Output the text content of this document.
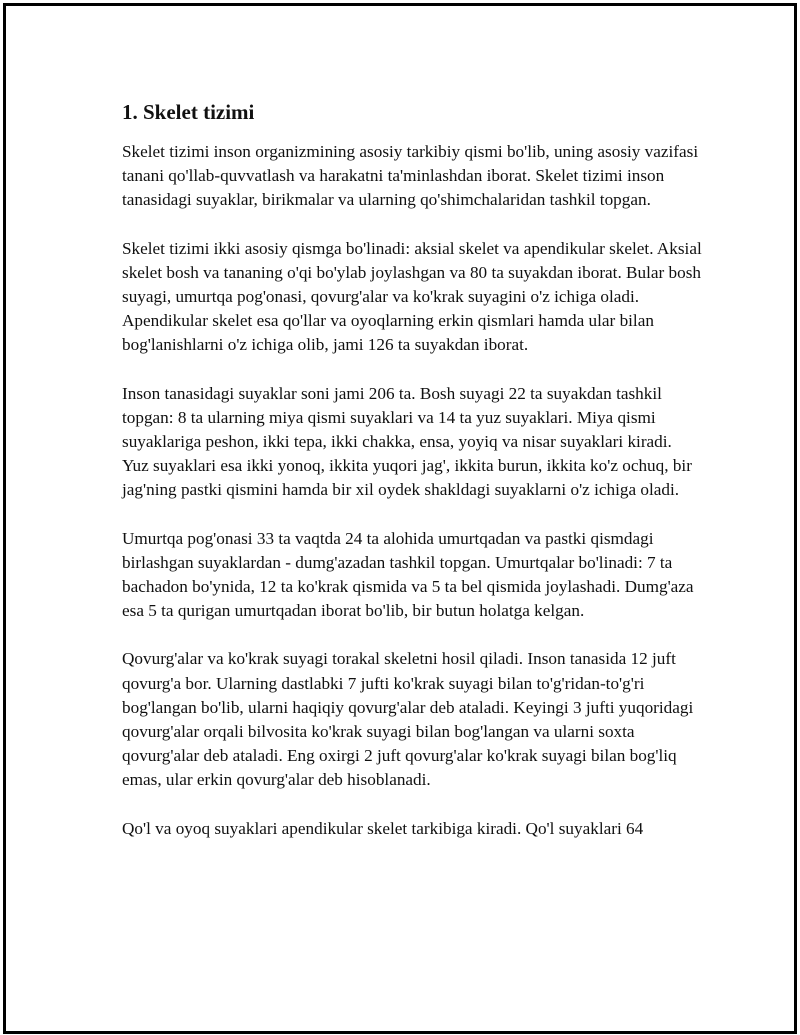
1. Skelet tizimi

Skelet tizimi inson organizmining asosiy tarkibiy qismi bo'lib, uning asosiy vazifasi tanani qo'llab-quvvatlash va harakatni ta'minlashdan iborat. Skelet tizimi inson tanasidagi suyaklar, birikmalar va ularning qo'shimchalaridan tashkil topgan.

Skelet tizimi ikki asosiy qismga bo'linadi: aksial skelet va apendikular skelet. Aksial skelet bosh va tananing o'qi bo'ylab joylashgan va 80 ta suyakdan iborat. Bular bosh suyagi, umurtqa pog'onasi, qovurg'alar va ko'krak suyagini o'z ichiga oladi. Apendikular skelet esa qo'llar va oyoqlarning erkin qismlari hamda ular bilan bog'lanishlarni o'z ichiga olib, jami 126 ta suyakdan iborat.

Inson tanasidagi suyaklar soni jami 206 ta. Bosh suyagi 22 ta suyakdan tashkil topgan: 8 ta ularning miya qismi suyaklari va 14 ta yuz suyaklari. Miya qismi suyaklariga peshon, ikki tepa, ikki chakka, ensa, yoyiq va nisar suyaklari kiradi. Yuz suyaklari esa ikki yonoq, ikkita yuqori jag', ikkita burun, ikkita ko'z ochuq, bir jag'ning pastki qismini hamda bir xil oydek shakldagi suyaklarni o'z ichiga oladi.

Umurtqa pog'onasi 33 ta vaqtda 24 ta alohida umurtqadan va pastki qismdagi birlashgan suyaklardan - dumg'azadan tashkil topgan. Umurtqalar bo'linadi: 7 ta bachadon bo'ynida, 12 ta ko'krak qismida va 5 ta bel qismida joylashadi. Dumg'aza esa 5 ta qurigan umurtqadan iborat bo'lib, bir butun holatga kelgan.

Qovurg'alar va ko'krak suyagi torakal skeletni hosil qiladi. Inson tanasida 12 juft qovurg'a bor. Ularning dastlabki 7 jufti ko'krak suyagi bilan to'g'ridan-to'g'ri bog'langan bo'lib, ularni haqiqiy qovurg'alar deb ataladi. Keyingi 3 jufti yuqoridagi qovurg'alar orqali bilvosita ko'krak suyagi bilan bog'langan va ularni soxta qovurg'alar deb ataladi. Eng oxirgi 2 juft qovurg'alar ko'krak suyagi bilan bog'liq emas, ular erkin qovurg'alar deb hisoblanadi.

Qo'l va oyoq suyaklari apendikular skelet tarkibiga kiradi. Qo'l suyaklari 64
